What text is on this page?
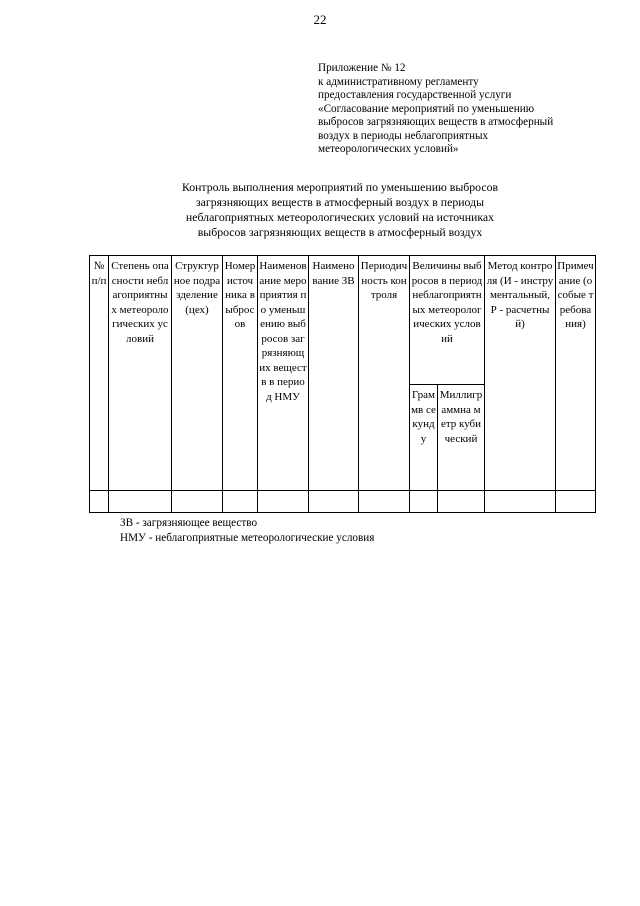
22
Приложение № 12
к административному регламенту
предоставления государственной услуги
«Согласование мероприятий по уменьшению
выбросов загрязняющих веществ в атмосферный
воздух в периоды неблагоприятных
метеорологических условий»
Контроль выполнения мероприятий по уменьшению выбросов
загрязняющих веществ в атмосферный воздух в периоды
неблагоприятных метеорологических условий на источниках
выбросов загрязняющих веществ в атмосферный воздух
№ п/п	Степень опасности неблагоприятных метеорологических условий	Структурное подразделение (цех)	Номер источника выбросов	Наименование мероприятия по уменьшению выбросов загрязняющих веществ в период НМУ	Наименование ЗВ	Периодичность контроля	Величины выбросов в период неблагоприятных метеорологических условий		Метод контроля (И - инструментальный, Р - расчетный)	Примечание (особые требования)
							Граммв секунду	Миллиграммна метр кубический		

ЗВ - загрязняющее вещество
НМУ - неблагоприятные метеорологические условия
